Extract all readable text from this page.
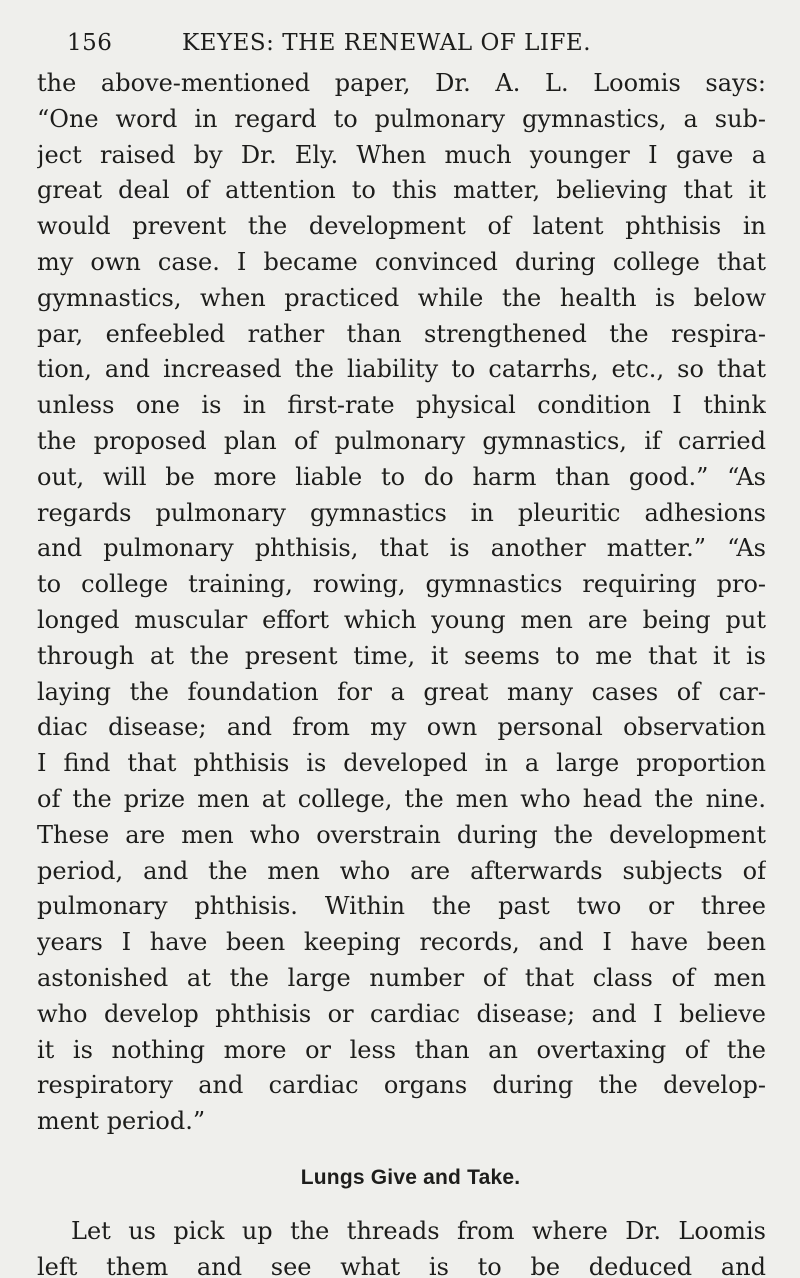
156	KEYES: THE RENEWAL OF LIFE.
the above-mentioned paper, Dr. A. L. Loomis says:
“One word in regard to pulmonary gymnastics, a sub-
ject raised by Dr. Ely. When much younger I gave a
great deal of attention to this matter, believing that it
would prevent the development of latent phthisis in
my own case. I became convinced during college that
gymnastics, when practiced while the health is below
par, enfeebled rather than strengthened the respira-
tion, and increased the liability to catarrhs, etc., so that
unless one is in first-rate physical condition I think
the proposed plan of pulmonary gymnastics, if carried
out, will be more liable to do harm than good.” “As
regards pulmonary gymnastics in pleuritic adhesions
and pulmonary phthisis, that is another matter.” “As
to college training, rowing, gymnastics requiring pro-
longed muscular effort which young men are being put
through at the present time, it seems to me that it is
laying the foundation for a great many cases of car-
diac disease; and from my own personal observation
I find that phthisis is developed in a large proportion
of the prize men at college, the men who head the nine.
These are men who overstrain during the development
period, and the men who are afterwards subjects of
pulmonary phthisis. Within the past two or three
years I have been keeping records, and I have been
astonished at the large number of that class of men
who develop phthisis or cardiac disease; and I believe
it is nothing more or less than an overtaxing of the
respiratory and cardiac organs during the develop-
ment period.”
Lungs Give and Take.
Let us pick up the threads from where Dr. Loomis
left them and see what is to be deduced and
